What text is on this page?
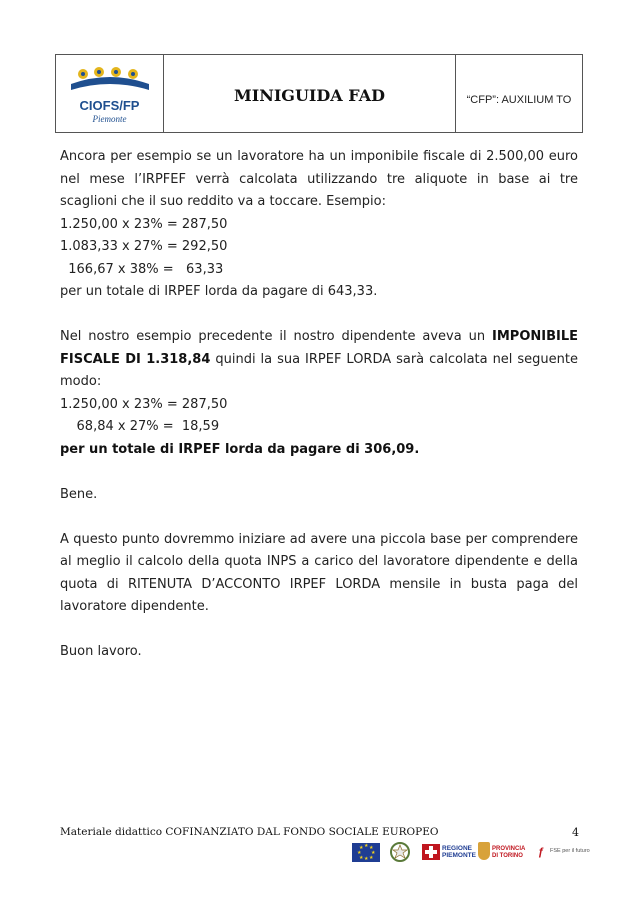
CIOFS/FP
Piemonte
MINIGUIDA FAD	“CFP”: AUXILIUM TO

Ancora per esempio se un lavoratore ha un imponibile fiscale di 2.500,00 euro nel mese l’IRPFEF verrà calcolata utilizzando tre aliquote in base ai tre scaglioni che il suo reddito va a toccare. Esempio:

1.250,00 x 23% = 287,50
1.083,33 x 27% = 292,50
166,67 x 38% =   63,33
per un totale di IRPEF lorda da pagare di 643,33.

Nel nostro esempio precedente il nostro dipendente aveva un IMPONIBILE FISCALE DI 1.318,84 quindi la sua IRPEF LORDA sarà calcolata nel seguente modo:

1.250,00 x 23% = 287,50
68,84 x 27% =  18,59
per un totale di IRPEF lorda da pagare di 306,09.
Bene.

A questo punto dovremmo iniziare ad avere una piccola base per comprendere al meglio il calcolo della quota INPS a carico del lavoratore dipendente e della quota di RITENUTA D’ACCONTO IRPEF LORDA mensile in busta paga del lavoratore dipendente.

Buon lavoro.
Materiale didattico COFINANZIATO DAL FONDO SOCIALE EUROPEO	4
★ ★
★
★
★
★
★
★	REGIONE
PIEMONTE
PROVINCIA
DI TORINO ƒ	FSE per il futuro
